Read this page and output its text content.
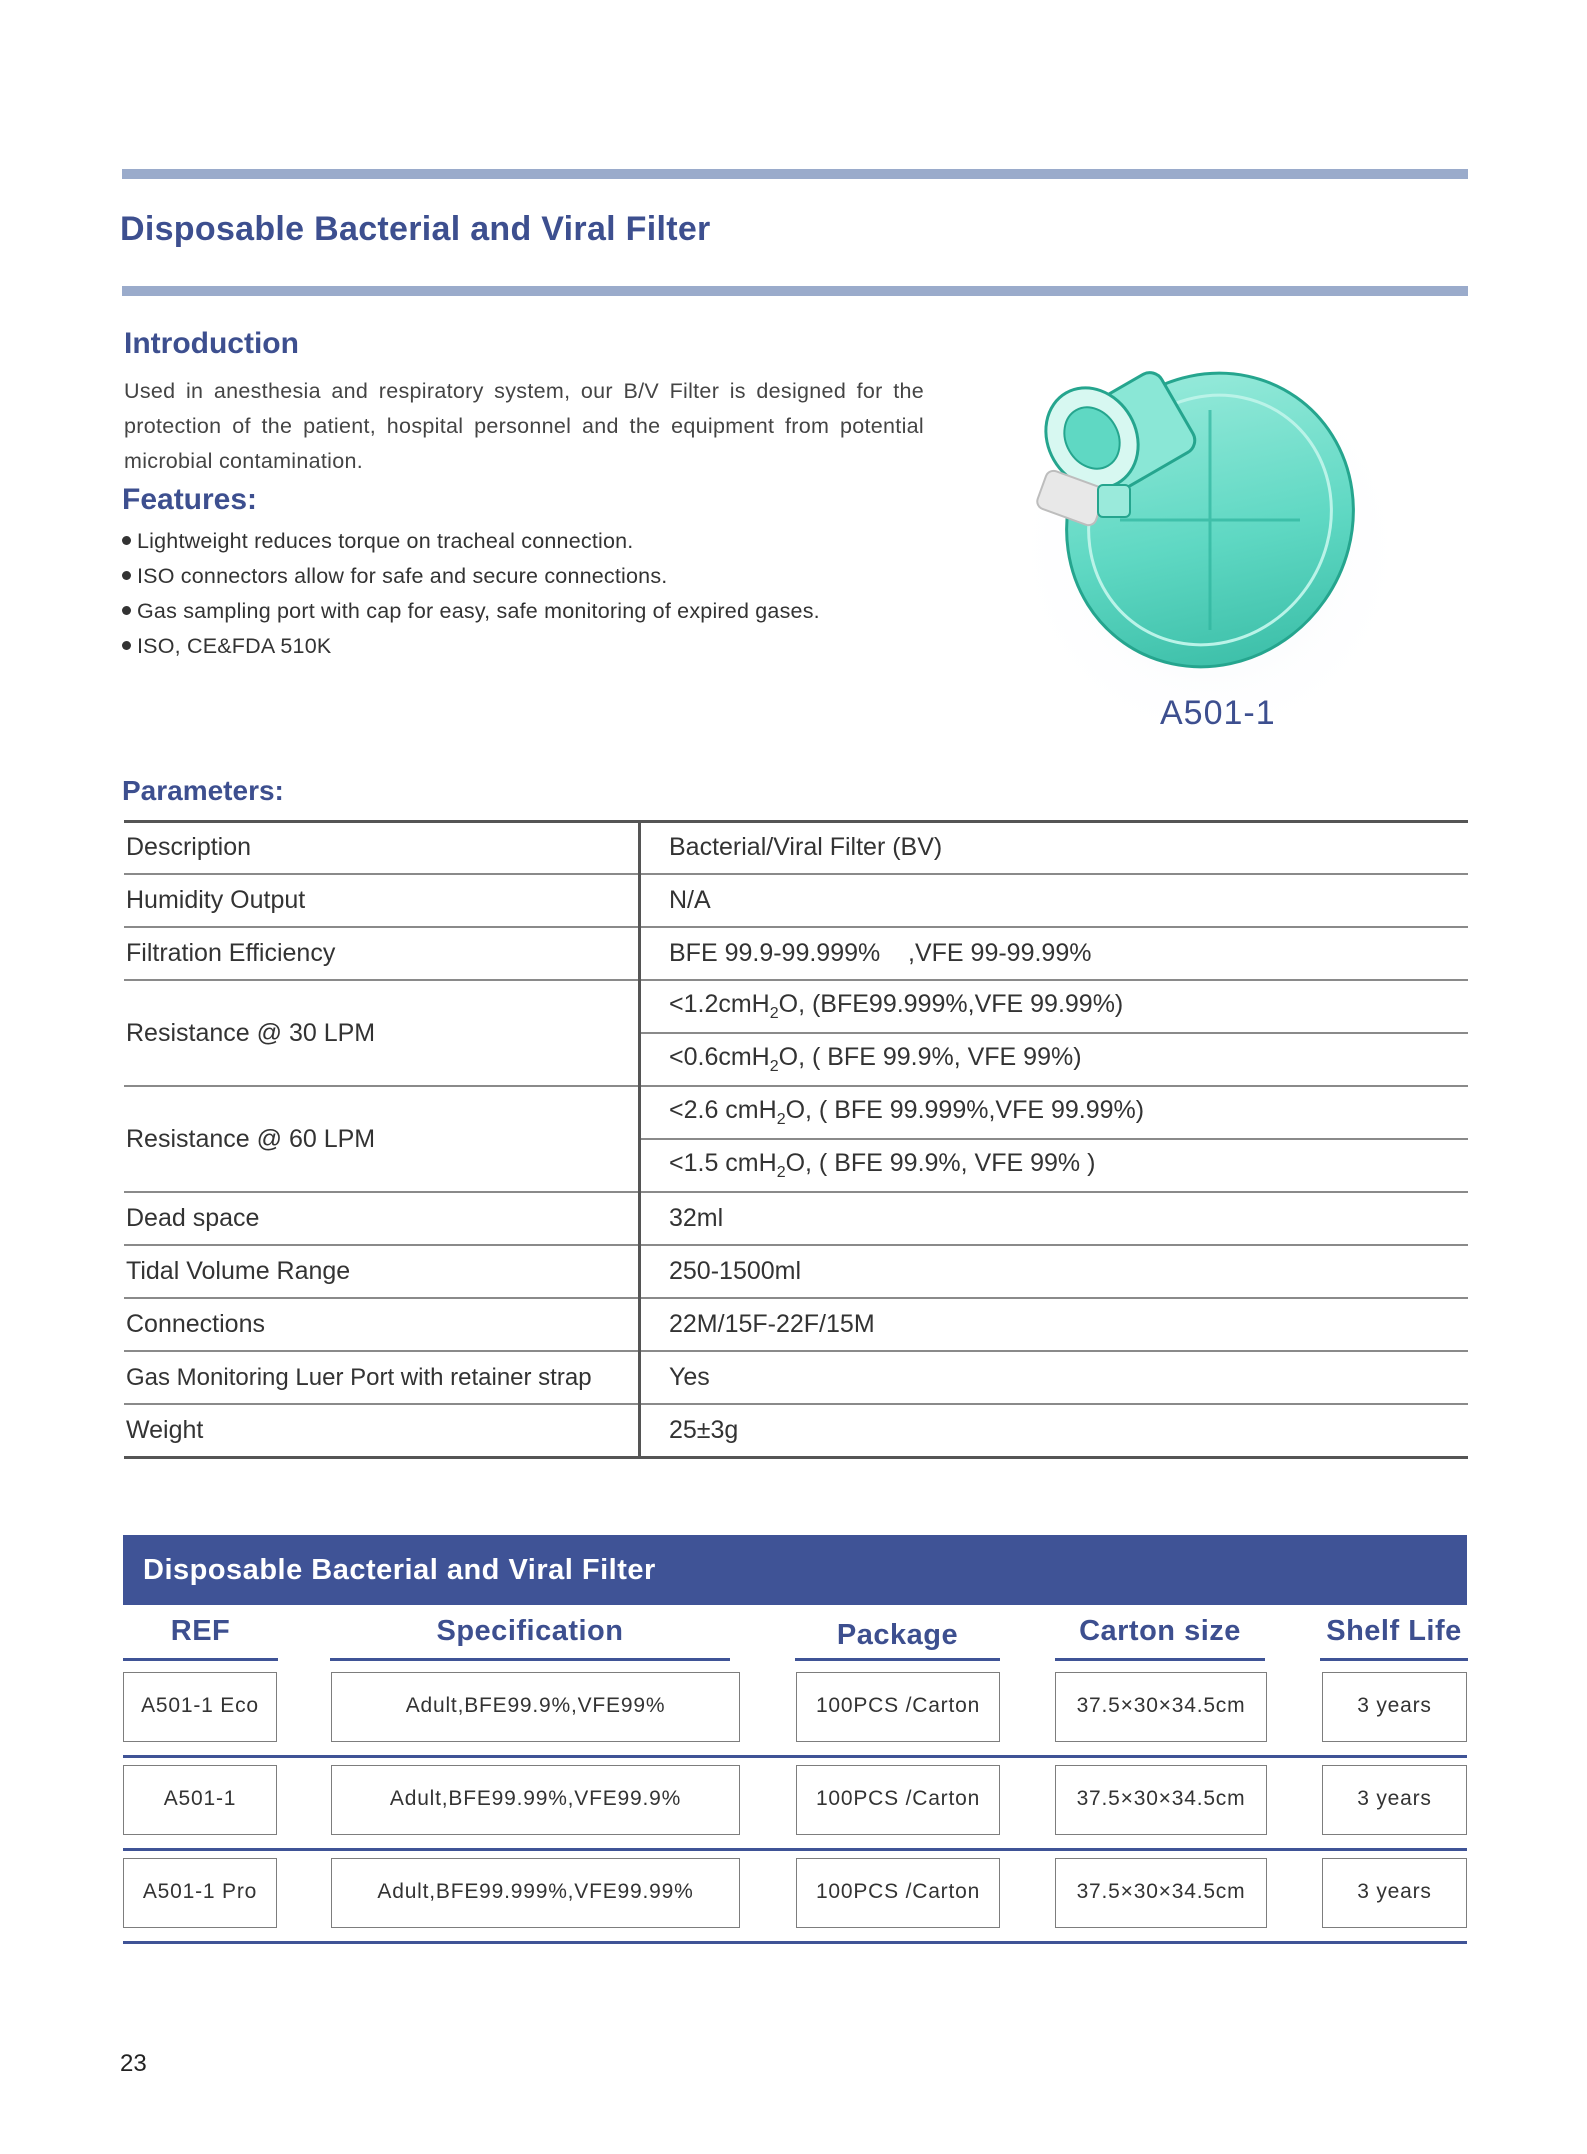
Disposable Bacterial and Viral Filter
Introduction
Used in anesthesia and respiratory system, our B/V Filter is designed for the protection of the patient, hospital personnel and the equipment from potential microbial contamination.
Features:
Lightweight reduces torque on tracheal connection.
ISO connectors allow for safe and secure connections.
Gas sampling port with cap for easy, safe monitoring of expired gases.
ISO, CE&FDA 510K
A501-1
Parameters:
Description	Bacterial/Viral Filter (BV)
Humidity Output	N/A
Filtration Efficiency	BFE 99.9-99.999%    ,VFE 99-99.99%
Resistance @ 30 LPM	<1.2cmH$_2$O, (BFE99.999%,VFE 99.99%)
	<0.6cmH$_2$O, ( BFE 99.9%, VFE 99%)
Resistance @ 60 LPM	<2.6 cmH$_2$O, ( BFE 99.999%,VFE 99.99%)
	<1.5 cmH$_2$O, ( BFE 99.9%, VFE 99% )
Dead space	32ml
Tidal Volume Range	250-1500ml
Connections	22M/15F-22F/15M
Gas Monitoring Luer Port with retainer strap	Yes
Weight	25±3g
Disposable Bacterial and Viral Filter
REF	Specification	Package	Carton size	Shelf Life
A501-1 Eco	Adult,BFE99.9%,VFE99%	100PCS /Carton	37.5×30×34.5cm	3 years
A501-1	Adult,BFE99.99%,VFE99.9%	100PCS /Carton	37.5×30×34.5cm	3 years
A501-1 Pro	Adult,BFE99.999%,VFE99.99%	100PCS /Carton	37.5×30×34.5cm	3 years
23
